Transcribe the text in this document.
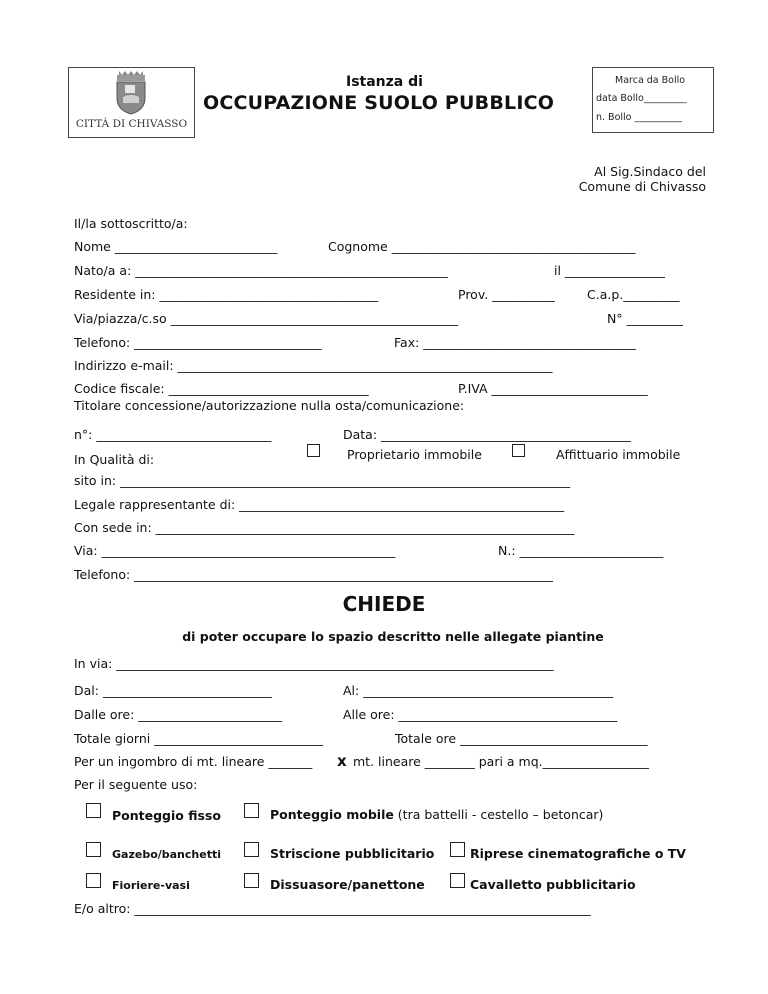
CITTÀ DI CHIVASSO
Istanza di
OCCUPAZIONE SUOLO PUBBLICO
Marca da Bollo
data Bollo_________
n. Bollo __________
Al Sig.Sindaco del
Comune di Chivasso
Il/la sottoscritto/a:
Nome __________________________	Cognome _______________________________________
Nato/a a: __________________________________________________	il ________________
Residente in: ___________________________________	Prov. __________	C.a.p._________
Via/piazza/c.so ______________________________________________	N° _________
Telefono: ______________________________	Fax: __________________________________
Indirizzo e-mail: ____________________________________________________________
Codice fiscale: ________________________________	P.IVA _________________________
Titolare concessione/autorizzazione nulla osta/comunicazione:
n°: ____________________________	Data: ________________________________________
In Qualità di:	Proprietario immobile	Affittuario immobile
sito in: ________________________________________________________________________
Legale rappresentante di: ____________________________________________________
Con sede in: ___________________________________________________________________
Via: _______________________________________________	N.: _______________________
Telefono: ___________________________________________________________________
CHIEDE
di poter occupare lo spazio descritto nelle allegate piantine
In via: ______________________________________________________________________
Dal: ___________________________	Al: ________________________________________
Dalle ore: _______________________	Alle ore: ___________________________________
Totale giorni ___________________________	Totale ore ______________________________
Per un ingombro di mt. lineare _______ x mt. lineare ________ pari a mq._________________
Per il seguente uso:
Ponteggio fisso	Ponteggio mobile (tra battelli - cestello – betoncar)
Gazebo/banchetti	Striscione pubblicitario	Riprese cinematografiche o TV
Fioriere-vasi	Dissuasore/panettone	Cavalletto pubblicitario
E/o altro: _________________________________________________________________________
